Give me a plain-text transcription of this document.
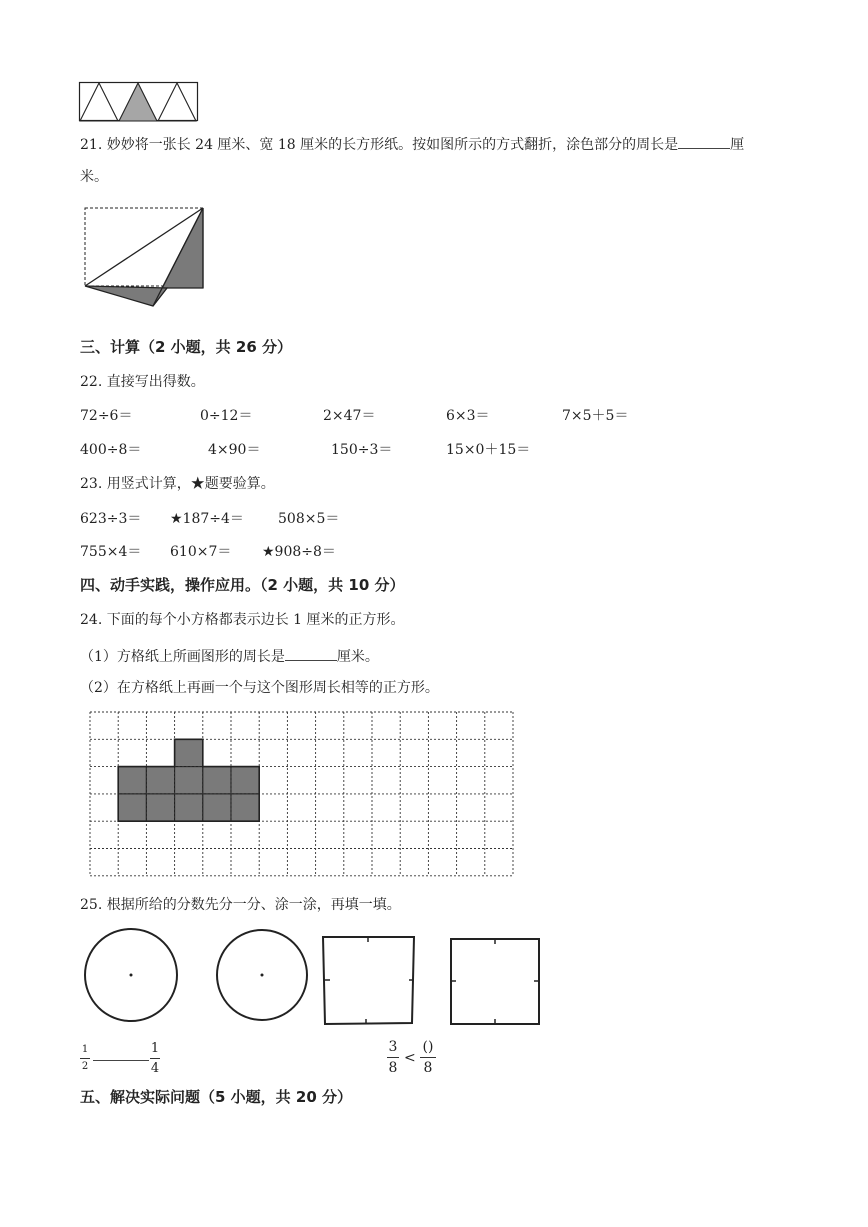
21. 妙妙将一张长 24 厘米、宽 18 厘米的长方形纸。按如图所示的方式翻折，涂色部分的周长是	厘
米。
三、计算（2 小题，共 26 分）
22. 直接写出得数。
72÷6＝	0÷12＝	2×47＝	6×3＝	7×5＋5＝
400÷8＝	4×90＝	150÷3＝	15×0＋15＝
23. 用竖式计算，★题要验算。
623÷3＝ ★187÷4＝ 508×5＝
755×4＝ 610×7＝ ★908÷8＝
四、动手实践，操作应用。（2 小题，共 10 分）
24. 下面的每个小方格都表示边长 1 厘米的正方形。
（1）方格纸上所画图形的周长是	厘米。
（2）在方格纸上再画一个与这个图形周长相等的正方形。
25. 根据所给的分数先分一分、涂一涂，再填一填。
1
2
1
4
3
8
<
()
8
五、解决实际问题（5 小题，共 20 分）
